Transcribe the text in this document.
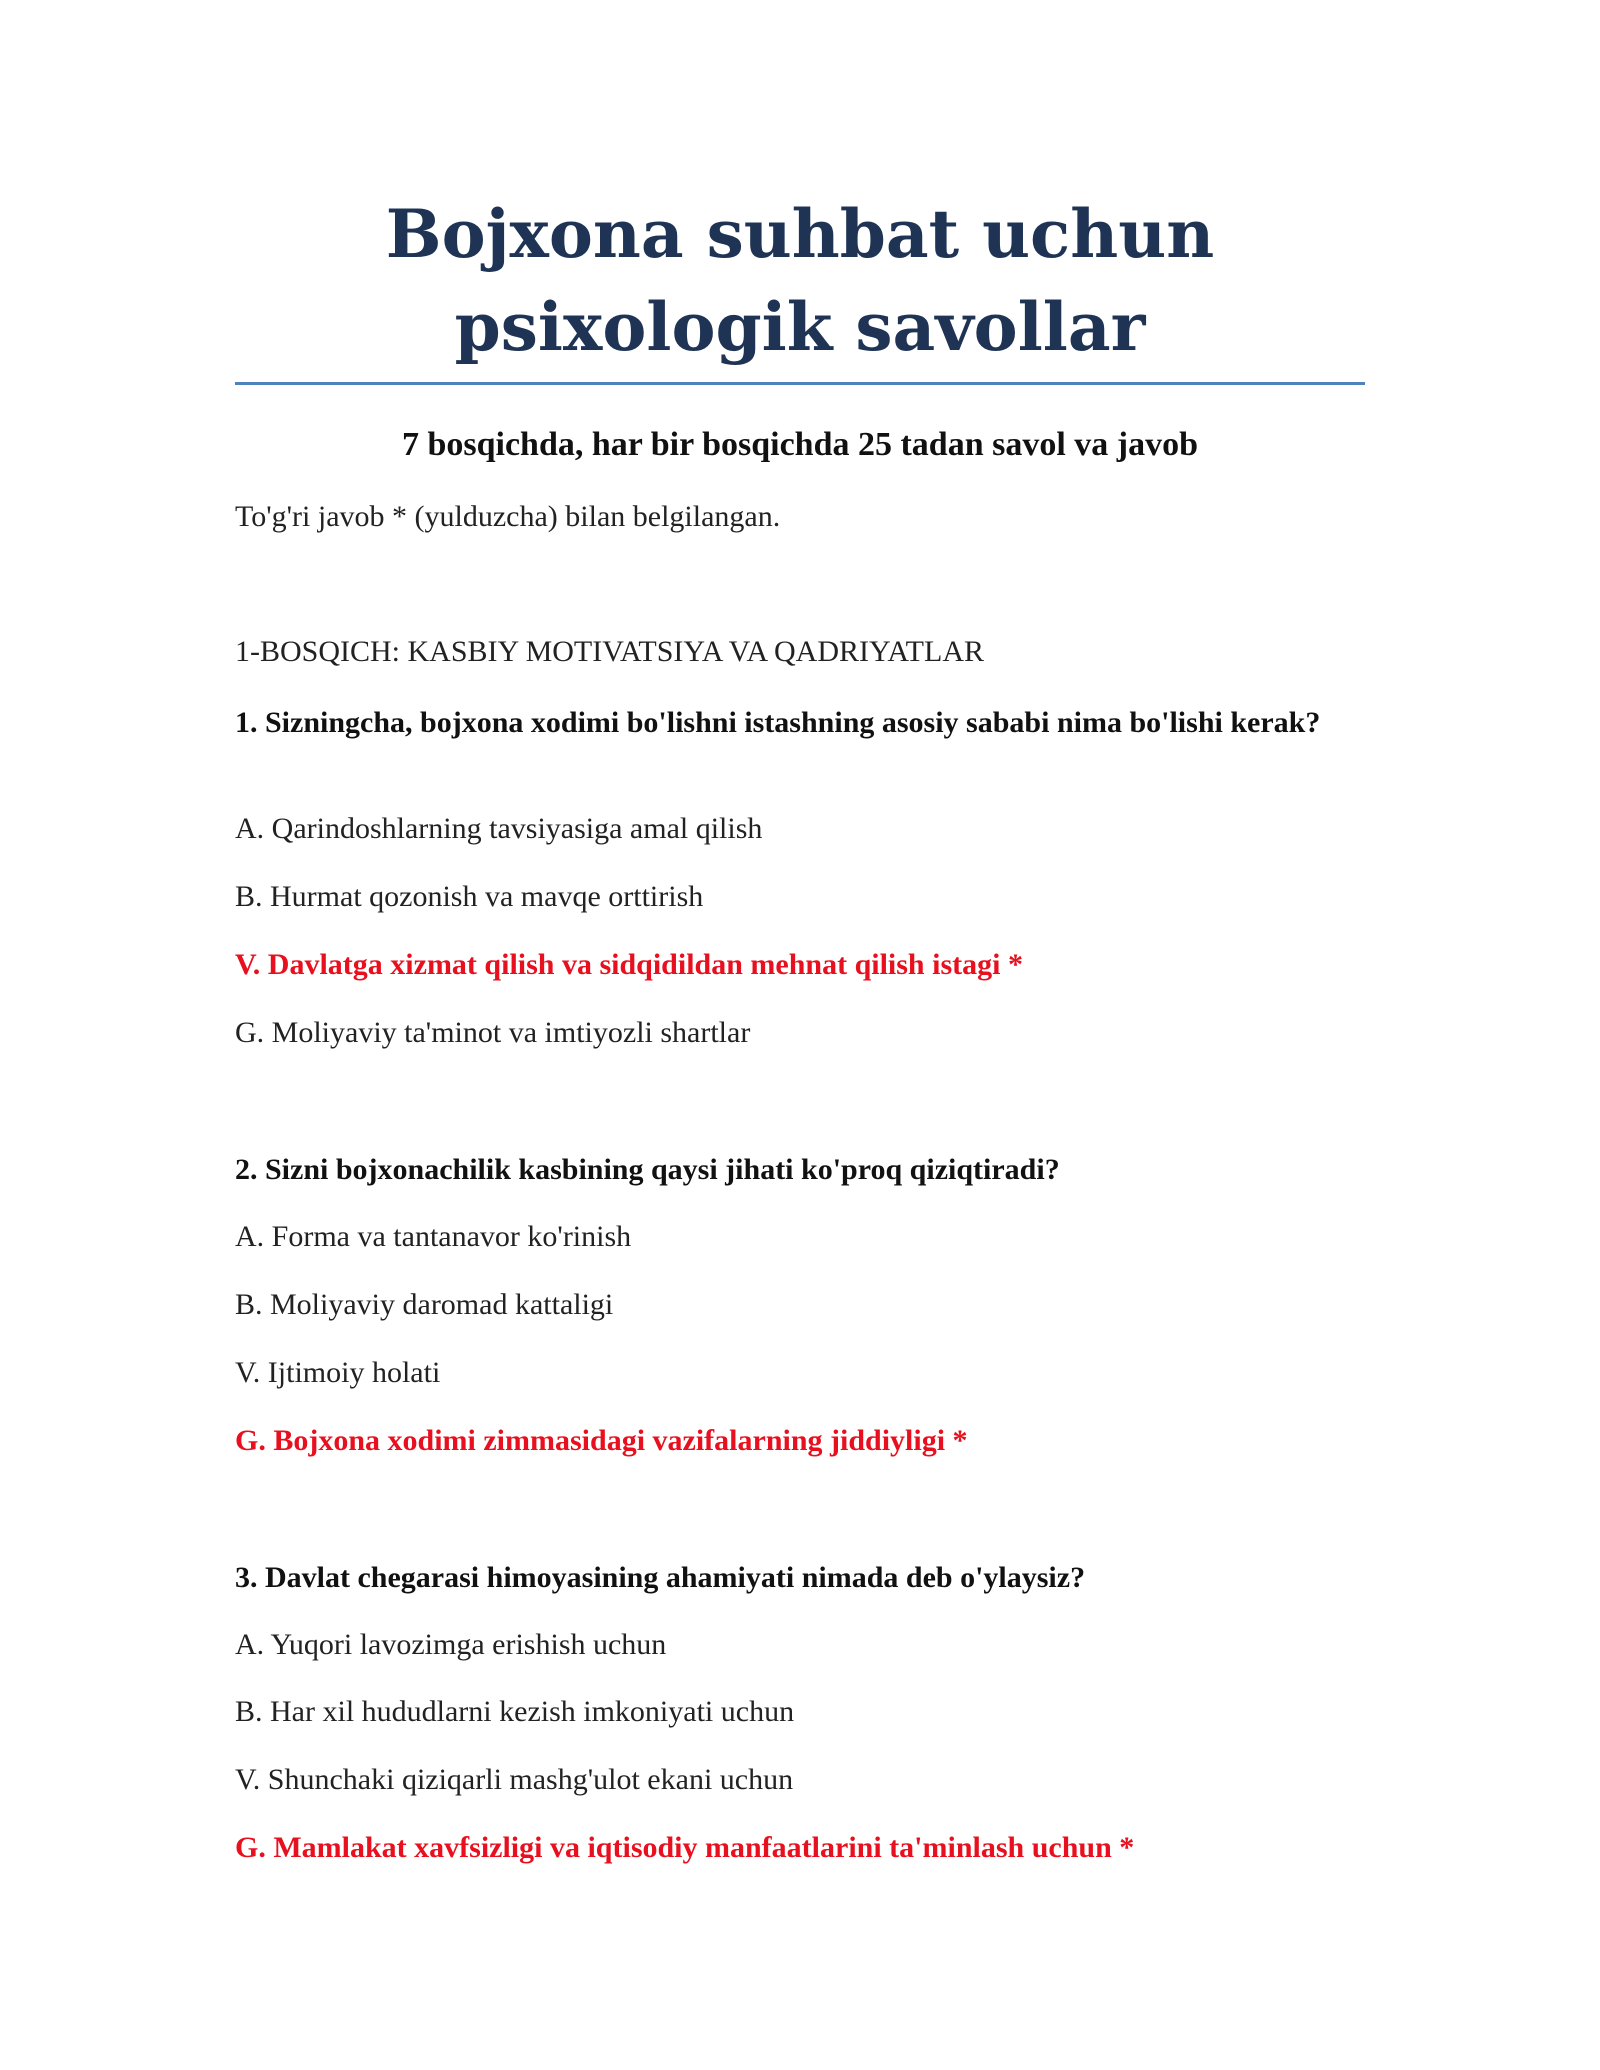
Bojxona suhbat uchun
psixologik savollar
7 bosqichda, har bir bosqichda 25 tadan savol va javob
To'g'ri javob * (yulduzcha) bilan belgilangan.
1-BOSQICH: KASBIY MOTIVATSIYA VA QADRIYATLAR
1. Sizningcha, bojxona xodimi bo'lishni istashning asosiy sababi nima bo'lishi kerak?
A. Qarindoshlarning tavsiyasiga amal qilish
B. Hurmat qozonish va mavqe orttirish
V. Davlatga xizmat qilish va sidqidildan mehnat qilish istagi *
G. Moliyaviy ta'minot va imtiyozli shartlar
2. Sizni bojxonachilik kasbining qaysi jihati ko'proq qiziqtiradi?
A. Forma va tantanavor ko'rinish
B. Moliyaviy daromad kattaligi
V. Ijtimoiy holati
G. Bojxona xodimi zimmasidagi vazifalarning jiddiyligi *
3. Davlat chegarasi himoyasining ahamiyati nimada deb o'ylaysiz?
A. Yuqori lavozimga erishish uchun
B. Har xil hududlarni kezish imkoniyati uchun
V. Shunchaki qiziqarli mashg'ulot ekani uchun
G. Mamlakat xavfsizligi va iqtisodiy manfaatlarini ta'minlash uchun *
